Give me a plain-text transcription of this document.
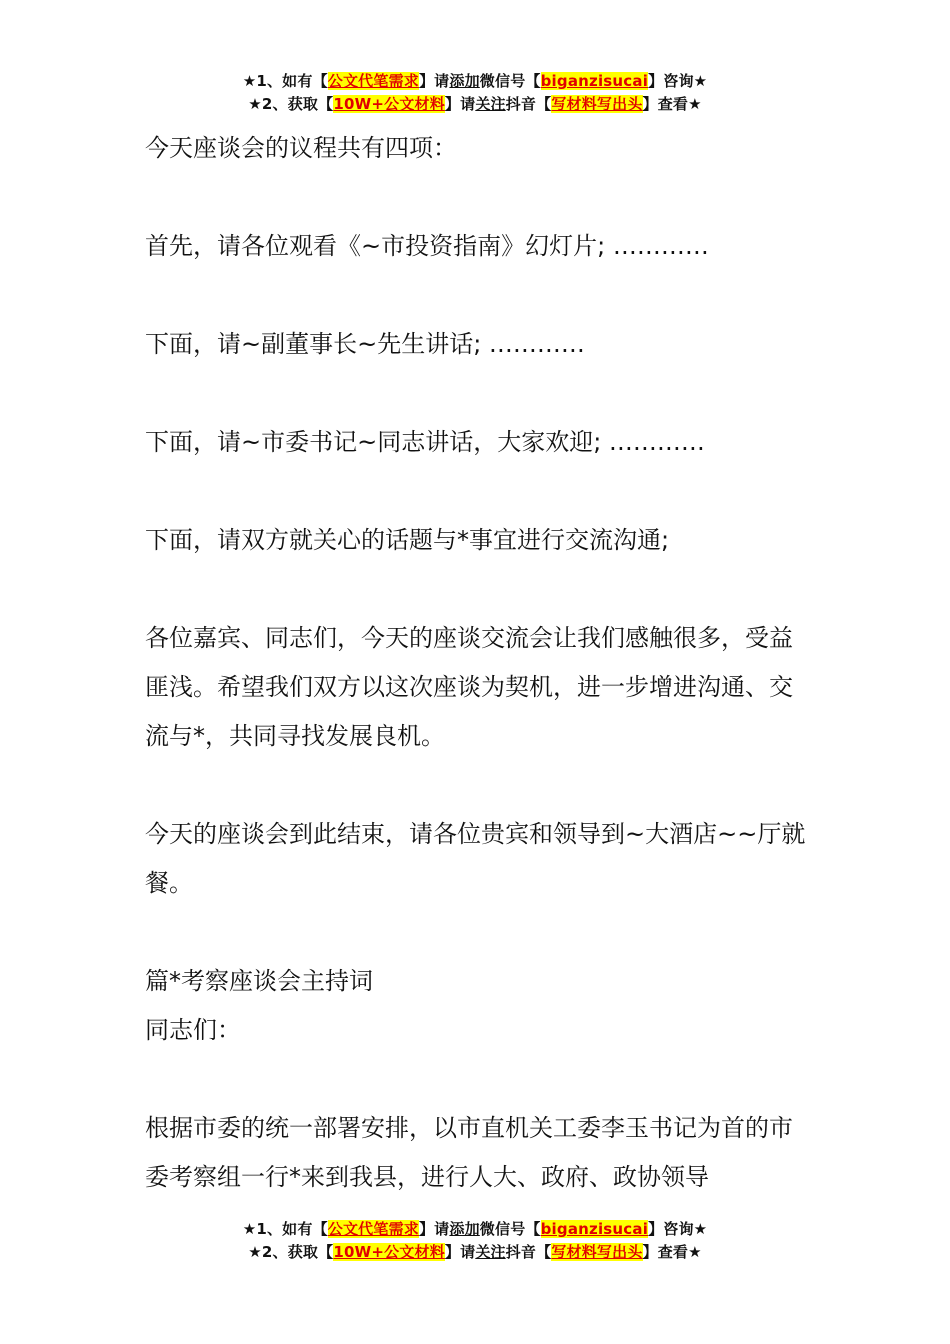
★1、如有【公文代笔需求】请添加微信号【biganzisucai】咨询★
★2、获取【10W+公文材料】请关注抖音【写材料写出头】查看★

今天座谈会的议程共有四项：

首先，请各位观看《~市投资指南》幻灯片; …………

下面，请~副董事长~先生讲话; …………

下面，请~市委书记~同志讲话，大家欢迎; …………

下面，请双方就关心的话题与*事宜进行交流沟通;

各位嘉宾、同志们，今天的座谈交流会让我们感触很多，受益匪浅。希望我们双方以这次座谈为契机，进一步增进沟通、交流与*，共同寻找发展良机。

今天的座谈会到此结束，请各位贵宾和领导到~大酒店~~厅就餐。

篇*考察座谈会主持词

同志们：

根据市委的统一部署安排，以市直机关工委李玉书记为首的市委考察组一行*来到我县，进行人大、政府、政协领导

★1、如有【公文代笔需求】请添加微信号【biganzisucai】咨询★
★2、获取【10W+公文材料】请关注抖音【写材料写出头】查看★
